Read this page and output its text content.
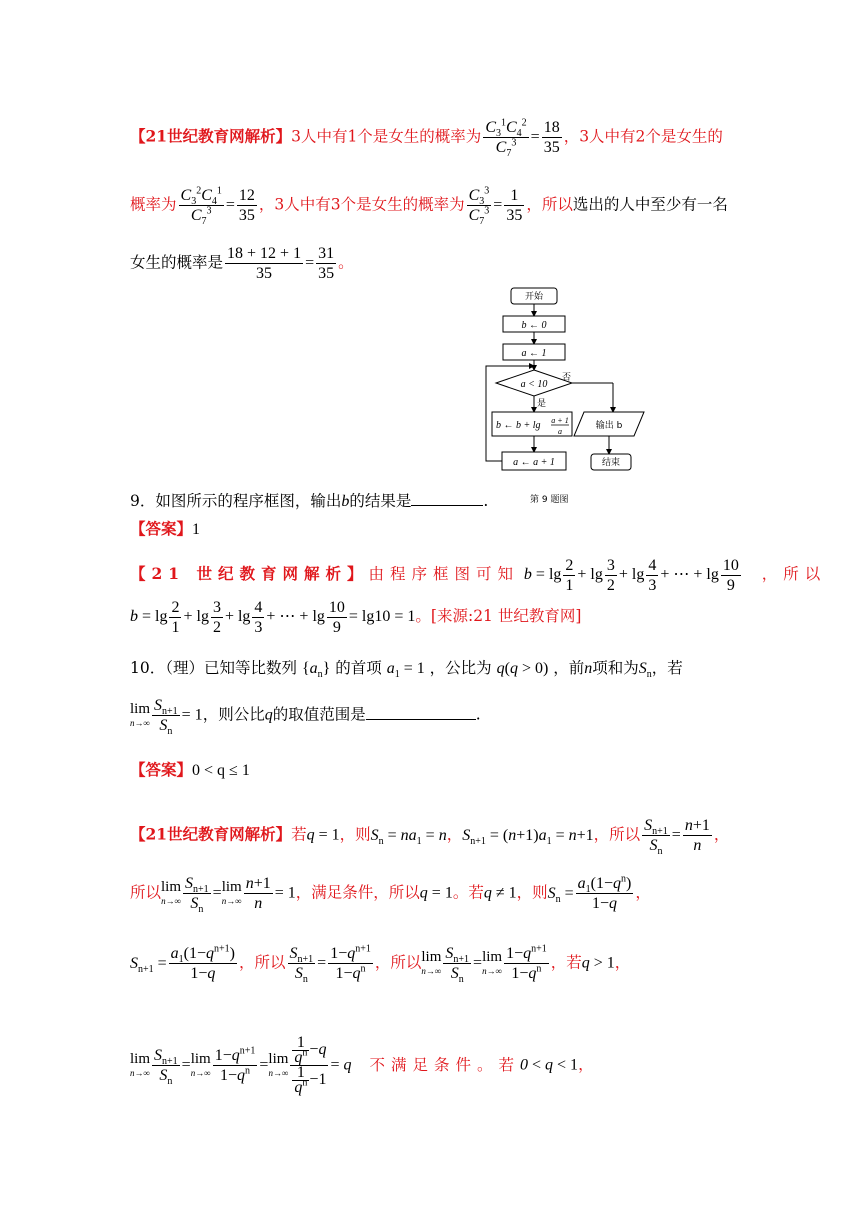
【21世纪教育网解析】3人中有1个是女生的概率为 $\frac{C_3^1C_4^2}{C_7^3} = \frac{18}{35}$ ，3人中有2个是女生的
概率为 $\frac{C_3^2C_4^1}{C_7^3} = \frac{12}{35}$ ，3人中有3个是女生的概率为 $\frac{C_3^3}{C_7^3} = \frac{1}{35}$ ，所以选出的人中至少有一名
女生的概率是 $\frac{18 + 12 + 1}{35} = \frac{31}{35}$ 。
开始
b ← 0
a ← 1
a < 10
否
是
b ← b + lg a + 1
a
输出 b
a ← a + 1	结束
第 9 题图
9．如图所示的程序框图，输出b的结果是	.
【答案】1
【21 世纪教育网解析】由程序框图可知 $b = \lg \frac{2}{1} + \lg \frac{3}{2} + \lg \frac{4}{3}$ + ⋯ + $\lg \frac{10}{9}$ ，所以
$b = \lg \frac{2}{1} + \lg \frac{3}{2} + \lg \frac{4}{3}$ + ⋯ + $\lg \frac{10}{9} = \lg 10 = 1$。[来源:21 世纪教育网]
10．（理）已知等比数列 $\{a_n\}$ 的首项 $a_1 = 1$ ，公比为 q(q > 0) ，前n项和为$S_n$，若
lim
$n\to\infty \frac{S_{n+1}}{S_n} = 1$，则公比q的取值范围是	.
【答案】0 < q ≤ 1
【21世纪教育网解析】若q = 1，则$S_n = na_1 = n$，$S_{n+1} = (n+1)a_1 = n+1$，所以 $\frac{S_{n+1}}{S_n} = \frac{n+1}{n}$ ，
所以 lim
$n\to\infty \frac{S_{n+1}}{S_n} = \lim$
$n\to\infty \frac{n+1}{n} = 1$，满足条件，所以q = 1。若q ≠ 1，则$S_n = \frac{a_1(1-q^n)}{1-q}$ ，
$S_{n+1} = \frac{a_1(1-q^{n+1})}{1-q}$ ，所以 $\frac{S_{n+1}}{S_n} = \frac{1-q^{n+1}}{1-q^n}$ ，所以 lim
$n\to\infty \frac{S_{n+1}}{S_n} = \lim$
$n\to\infty \frac{1-q^{n+1}}{1-q^n}$ ，若q > 1，
lim
$n\to\infty \frac{S_{n+1}}{S_n} = \lim$
$n\to\infty \frac{1-q^{n+1}}{1-q^n} = \lim$
$n\to\infty \frac{\frac{1}{q^n} -q}{\frac{1}{q^n} -1} = q$ 不满足条件。若0 < q < 1，
